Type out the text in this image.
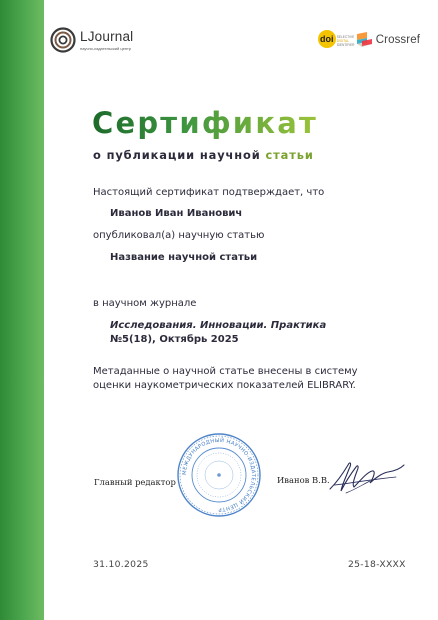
LJournal
научно-издательский центр
doi	SELECTIVE
DIGITAL
IDENTIFIER Crossref
Сертификат
о публикации научной статьи
Настоящий сертификат подтверждает, что
Иванов Иван Иванович
опубликовал(а) научную статью
Название научной статьи
в научном журнале
Исследования. Инновации. Практика
№5(18), Октябрь 2025
Метаданные о научной статье внесены в систему
оценки наукометрических показателей ELIBRARY.
Главный редактор
МЕЖДУНАРОДНЫЙ НАУЧНО-ИЗДАТЕЛЬСКИЙ ЦЕНТР
Иванов В.В.
31.10.2025	25-18-XXXX
